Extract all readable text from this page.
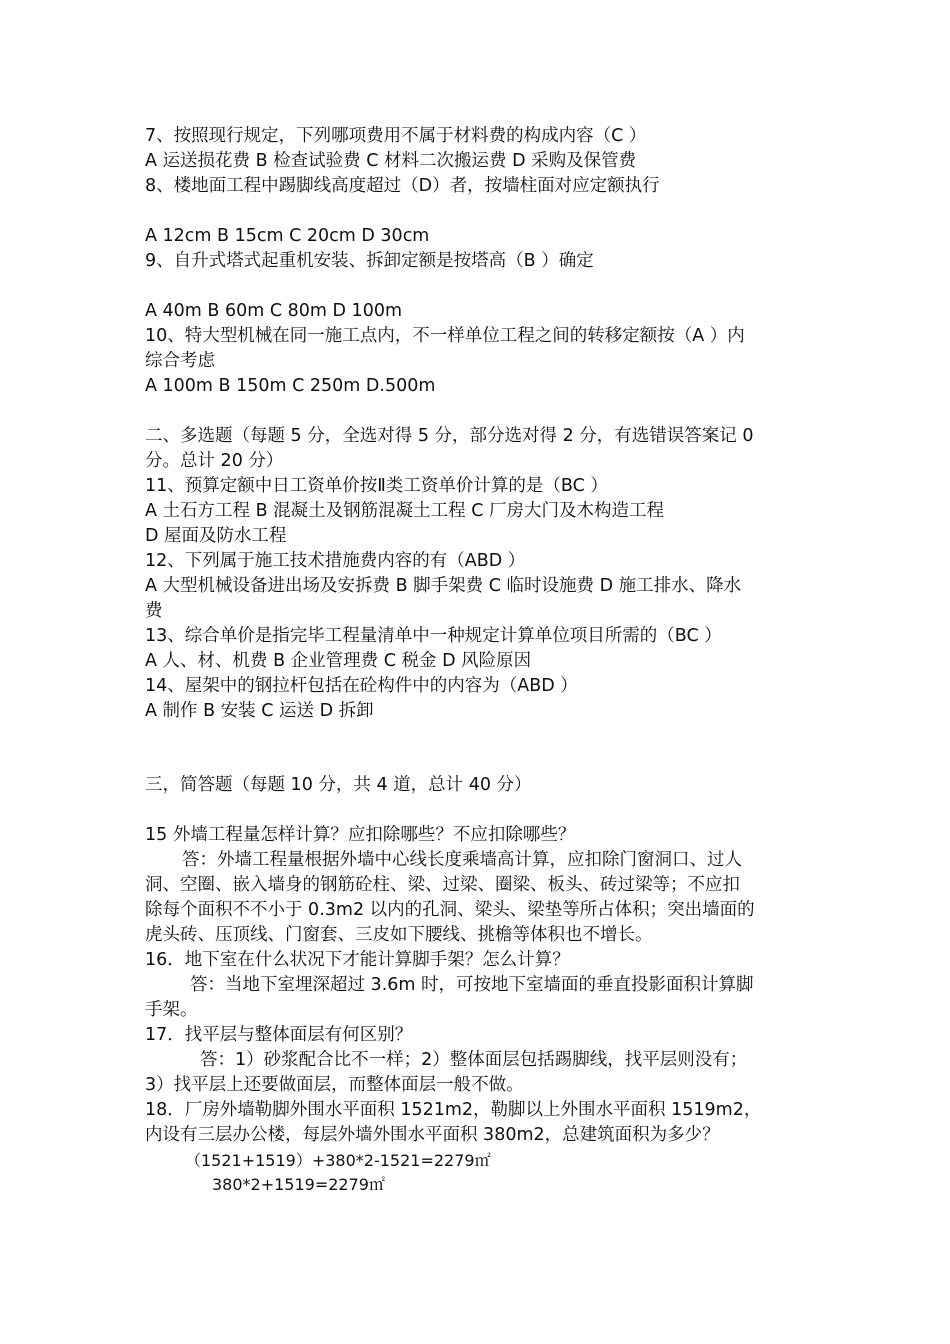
7、按照现行规定，下列哪项费用不属于材料费的构成内容（C ）
A 运送损花费 B 检查试验费 C 材料二次搬运费 D 采购及保管费
8、楼地面工程中踢脚线高度超过（D）者，按墙柱面对应定额执行
A 12cm B 15cm C 20cm D 30cm
9、自升式塔式起重机安装、拆卸定额是按塔高（B ）确定
A 40m B 60m C 80m D 100m
10、特大型机械在同一施工点内，不一样单位工程之间的转移定额按（A ）内
综合考虑
A 100m B 150m C 250m D.500m
二、多选题（每题 5 分，全选对得 5 分，部分选对得 2 分，有选错误答案记 0
分。总计 20 分）
11、预算定额中日工资单价按Ⅱ类工资单价计算的是（BC ）
A 土石方工程 B 混凝土及钢筋混凝土工程 C 厂房大门及木构造工程
D 屋面及防水工程
12、下列属于施工技术措施费内容的有（ABD ）
A 大型机械设备进出场及安拆费 B 脚手架费 C 临时设施费 D 施工排水、降水
费
13、综合单价是指完毕工程量清单中一种规定计算单位项目所需的（BC ）
A 人、材、机费 B 企业管理费 C 税金 D 风险原因
14、屋架中的钢拉杆包括在砼构件中的内容为（ABD ）
A 制作 B 安装 C 运送 D 拆卸
三，简答题（每题 10 分，共 4 道，总计 40 分）
15 外墙工程量怎样计算？应扣除哪些？不应扣除哪些？
答：外墙工程量根据外墙中心线长度乘墙高计算，应扣除门窗洞口、过人
洞、空圈、嵌入墙身的钢筋砼柱、梁、过梁、圈梁、板头、砖过梁等；不应扣
除每个面积不不小于 0.3m2 以内的孔洞、梁头、梁垫等所占体积；突出墙面的
虎头砖、压顶线、门窗套、三皮如下腰线、挑檐等体积也不增长。
16．地下室在什么状况下才能计算脚手架？怎么计算？
答：当地下室埋深超过 3.6m 时，可按地下室墙面的垂直投影面积计算脚
手架。
17．找平层与整体面层有何区别？
答：1）砂浆配合比不一样；2）整体面层包括踢脚线，找平层则没有；
3）找平层上还要做面层，而整体面层一般不做。
18．厂房外墙勒脚外围水平面积 1521m2，勒脚以上外围水平面积 1519m2，
内设有三层办公楼，每层外墙外围水平面积 380m2，总建筑面积为多少？
（1521+1519）+380*2-1521=2279㎡
380*2+1519=2279㎡
